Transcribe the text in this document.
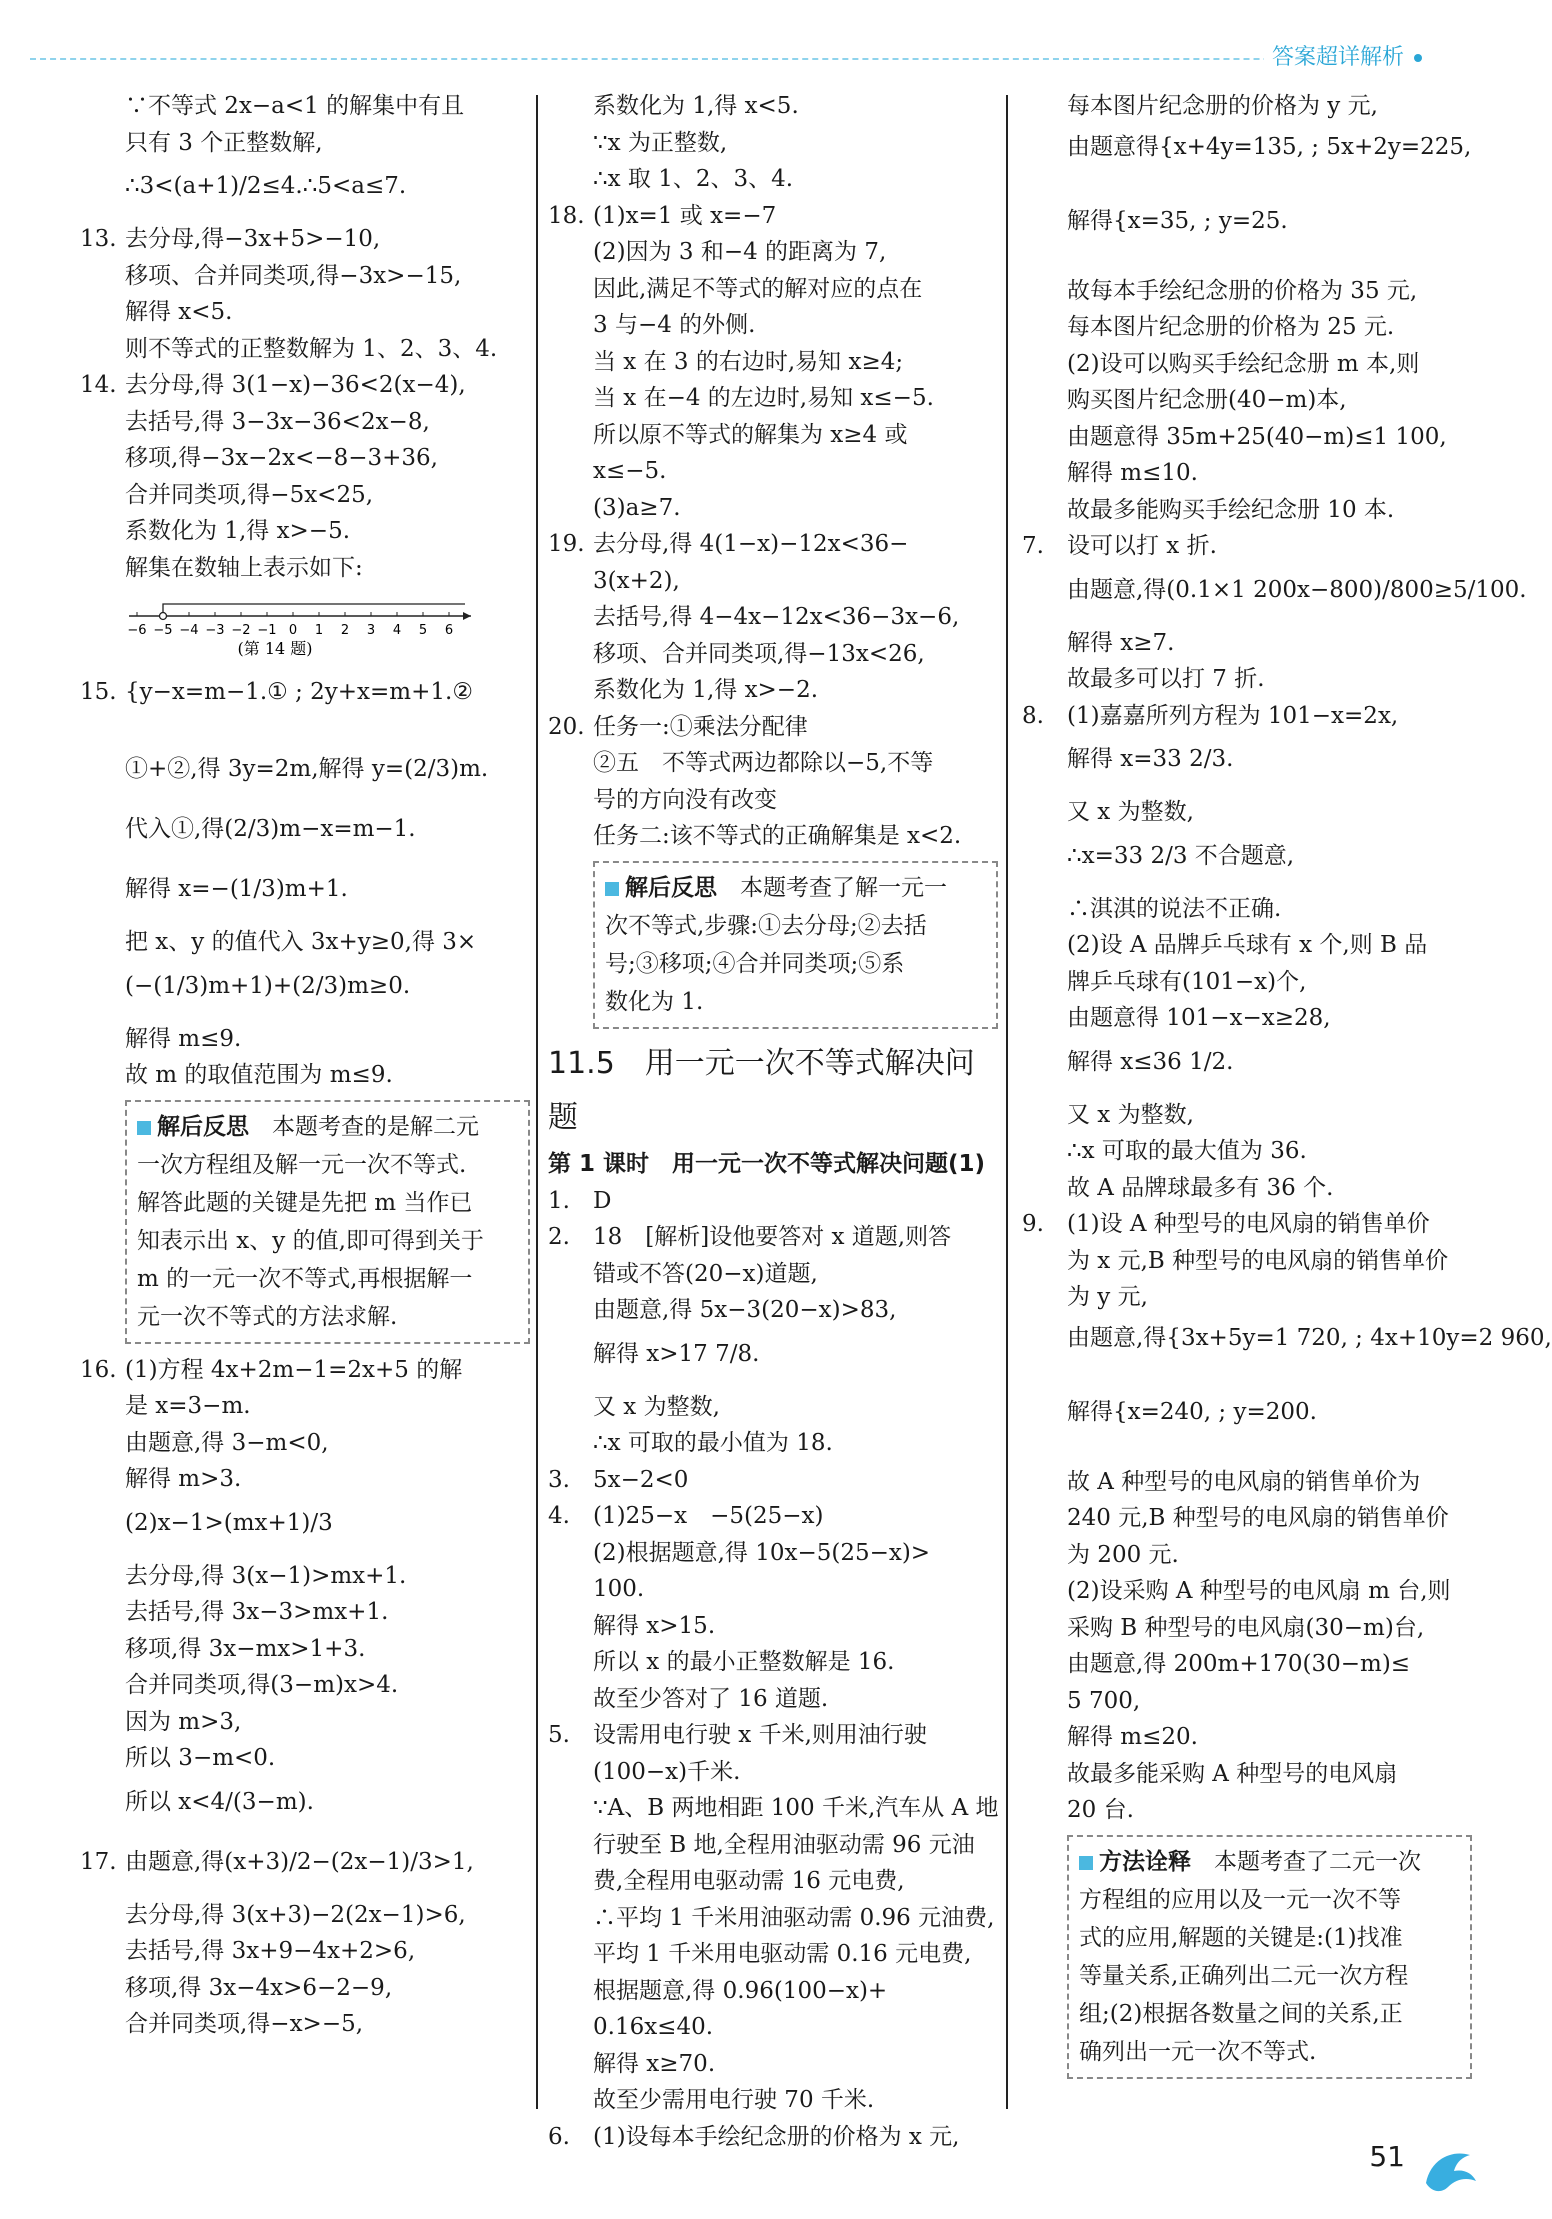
答案超详解析
∵不等式 2x−a<1 的解集中有且
只有 3 个正整数解,
∴3<(a+1)/2≤4.∴5<a≤7.
13. 去分母,得−3x+5>−10,
移项、合并同类项,得−3x>−15,
解得 x<5.
则不等式的正整数解为 1、2、3、4.
14. 去分母,得 3(1−x)−36<2(x−4),
去括号,得 3−3x−36<2x−8,
移项,得−3x−2x<−8−3+36,
合并同类项,得−5x<25,
系数化为 1,得 x>−5.
解集在数轴上表示如下:
−6 −5 −4 −3 −2 −1 0 1 2 3 4 5 6
(第 14 题)
15. {y−x=m−1.① ; 2y+x=m+1.②
①+②,得 3y=2m,解得 y=(2/3)m.
代入①,得(2/3)m−x=m−1.
解得 x=−(1/3)m+1.
把 x、y 的值代入 3x+y≥0,得 3×
(−(1/3)m+1)+(2/3)m≥0.
解得 m≤9.
故 m 的取值范围为 m≤9.
解后反思　 本题考查的是解二元
一次方程组及解一元一次不等式.
解答此题的关键是先把 m 当作已
知表示出 x、y 的值,即可得到关于
m 的一元一次不等式,再根据解一
元一次不等式的方法求解.
16. (1)方程 4x+2m−1=2x+5 的解
是 x=3−m.
由题意,得 3−m<0,
解得 m>3.
(2)x−1>(mx+1)/3
去分母,得 3(x−1)>mx+1.
去括号,得 3x−3>mx+1.
移项,得 3x−mx>1+3.
合并同类项,得(3−m)x>4.
因为 m>3,
所以 3−m<0.
所以 x<4/(3−m).
17. 由题意,得(x+3)/2−(2x−1)/3>1,
去分母,得 3(x+3)−2(2x−1)>6,
去括号,得 3x+9−4x+2>6,
移项,得 3x−4x>6−2−9,
合并同类项,得−x>−5,
系数化为 1,得 x<5.
∵x 为正整数,
∴x 取 1、2、3、4.
18. (1)x=1 或 x=−7
(2)因为 3 和−4 的距离为 7,
因此,满足不等式的解对应的点在
3 与−4 的外侧.
当 x 在 3 的右边时,易知 x≥4;
当 x 在−4 的左边时,易知 x≤−5.
所以原不等式的解集为 x≥4 或
x≤−5.
(3)a≥7.
19. 去分母,得 4(1−x)−12x<36−
3(x+2),
去括号,得 4−4x−12x<36−3x−6,
移项、合并同类项,得−13x<26,
系数化为 1,得 x>−2.
20. 任务一:①乘法分配律
②五　不等式两边都除以−5,不等
号的方向没有改变
任务二:该不等式的正确解集是 x<2.
解后反思　 本题考查了解一元一
次不等式,步骤:①去分母;②去括
号;③移项;④合并同类项;⑤系
数化为 1.
11.5　用一元一次不等式解决问题
第 1 课时　用一元一次不等式解决问题(1)
1. D
2. 18　[解析]设他要答对 x 道题,则答
错或不答(20−x)道题,
由题意,得 5x−3(20−x)>83,
解得 x>17 7/8.
又 x 为整数,
∴x 可取的最小值为 18.
3. 5x−2<0
4. (1)25−x　−5(25−x)
(2)根据题意,得 10x−5(25−x)>
100.
解得 x>15.
所以 x 的最小正整数解是 16.
故至少答对了 16 道题.
5. 设需用电行驶 x 千米,则用油行驶
(100−x)千米.
∵A、B 两地相距 100 千米,汽车从 A 地
行驶至 B 地,全程用油驱动需 96 元油
费,全程用电驱动需 16 元电费,
∴平均 1 千米用油驱动需 0.96 元油费,
平均 1 千米用电驱动需 0.16 元电费,
根据题意,得 0.96(100−x)+
0.16x≤40.
解得 x≥70.
故至少需用电行驶 70 千米.
6. (1)设每本手绘纪念册的价格为 x 元,
每本图片纪念册的价格为 y 元,
由题意得{x+4y=135, ; 5x+2y=225,
解得{x=35, ; y=25.
故每本手绘纪念册的价格为 35 元,
每本图片纪念册的价格为 25 元.
(2)设可以购买手绘纪念册 m 本,则
购买图片纪念册(40−m)本,
由题意得 35m+25(40−m)≤1 100,
解得 m≤10.
故最多能购买手绘纪念册 10 本.
7. 设可以打 x 折.
由题意,得(0.1×1 200x−800)/800≥5/100.
解得 x≥7.
故最多可以打 7 折.
8. (1)嘉嘉所列方程为 101−x=2x,
解得 x=33 2/3.
又 x 为整数,
∴x=33 2/3 不合题意,
∴淇淇的说法不正确.
(2)设 A 品牌乒乓球有 x 个,则 B 品
牌乒乓球有(101−x)个,
由题意得 101−x−x≥28,
解得 x≤36 1/2.
又 x 为整数,
∴x 可取的最大值为 36.
故 A 品牌球最多有 36 个.
9. (1)设 A 种型号的电风扇的销售单价
为 x 元,B 种型号的电风扇的销售单价
为 y 元,
由题意,得{3x+5y=1 720, ; 4x+10y=2 960,
解得{x=240, ; y=200.
故 A 种型号的电风扇的销售单价为
240 元,B 种型号的电风扇的销售单价
为 200 元.
(2)设采购 A 种型号的电风扇 m 台,则
采购 B 种型号的电风扇(30−m)台,
由题意,得 200m+170(30−m)≤
5 700,
解得 m≤20.
故最多能采购 A 种型号的电风扇
20 台.
方法诠释　 本题考查了二元一次
方程组的应用以及一元一次不等
式的应用,解题的关键是:(1)找准
等量关系,正确列出二元一次方程
组;(2)根据各数量之间的关系,正
确列出一元一次不等式.
51
